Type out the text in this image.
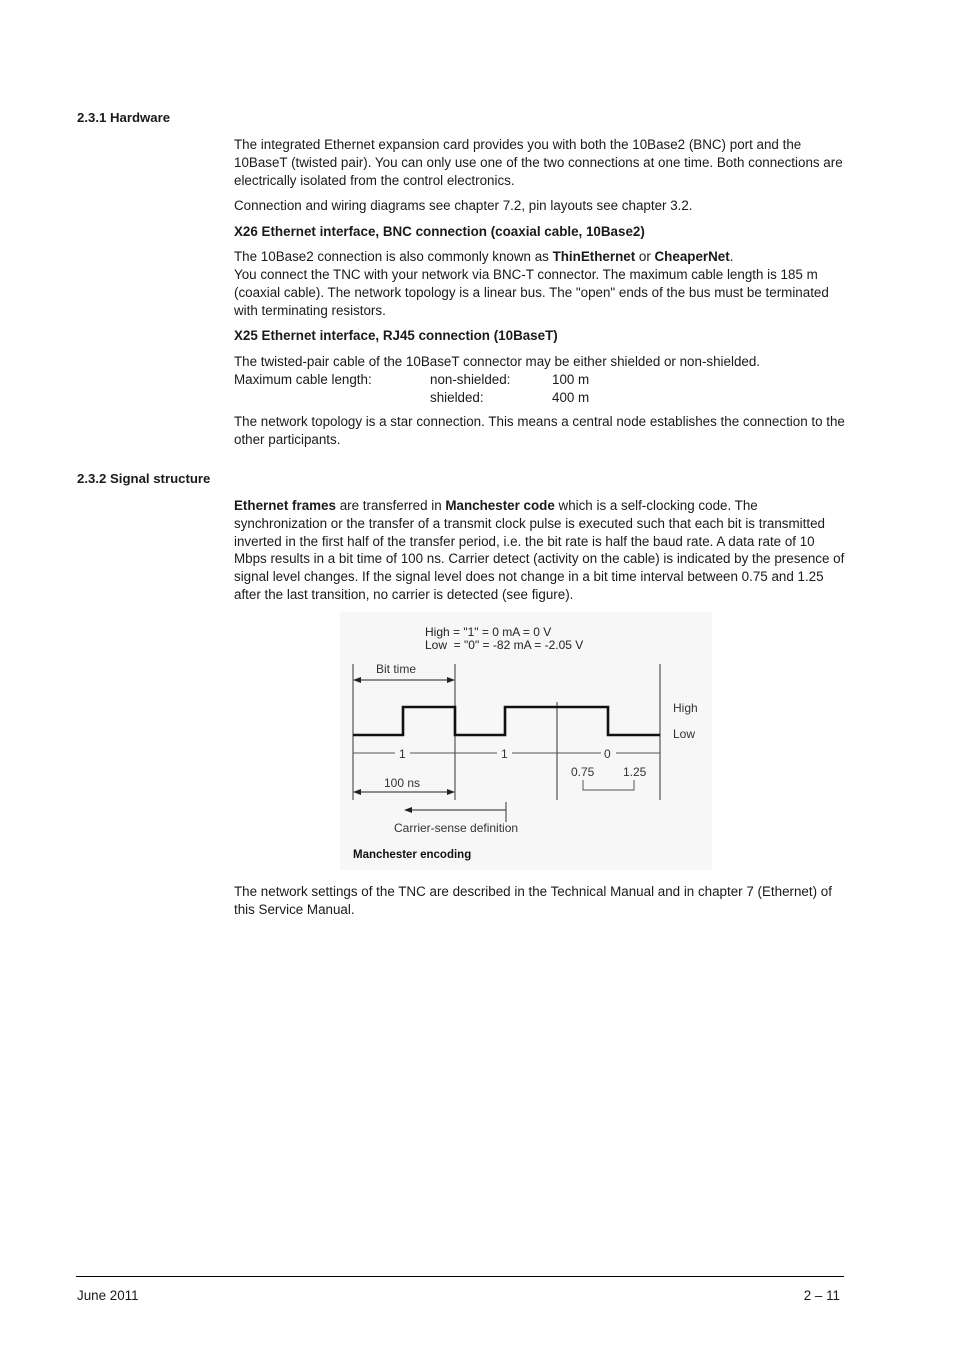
2.3.1 Hardware

The integrated Ethernet expansion card provides you with both the 10Base2 (BNC) port and the 10BaseT (twisted pair). You can only use one of the two connections at one time. Both connections are electrically isolated from the control electronics.

Connection and wiring diagrams see chapter 7.2, pin layouts see chapter 3.2.

X26 Ethernet interface, BNC connection (coaxial cable, 10Base2)

The 10Base2 connection is also commonly known as ThinEthernet or CheaperNet.

You connect the TNC with your network via BNC-T connector. The maximum cable length is 185 m (coaxial cable). The network topology is a linear bus. The "open" ends of the bus must be terminated with terminating resistors.

X25 Ethernet interface, RJ45 connection (10BaseT)

The twisted-pair cable of the 10BaseT connector may be either shielded or non-shielded.

Maximum cable length:	non-shielded:	100 m
	shielded:	400 m

The network topology is a star connection. This means a central node establishes the connection to the other participants.

2.3.2 Signal structure

Ethernet frames are transferred in Manchester code which is a self-clocking code. The synchronization or the transfer of a transmit clock pulse is executed such that each bit is transmitted inverted in the first half of the transfer period, i.e. the bit rate is half the baud rate. A data rate of 10 Mbps results in a bit time of 100 ns. Carrier detect (activity on the cable) is indicated by the presence of signal level changes. If the signal level does not change in a bit time interval between 0.75 and 1.25 after the last transition, no carrier is detected (see figure).

High = "1" = 0 mA = 0 V
Low  = "0" = -82 mA = -2.05 V
Bit time
High
Low
1	1	0
0.75 1.25
100 ns
Carrier-sense definition
Manchester encoding

The network settings of the TNC are described in the Technical Manual and in chapter 7 (Ethernet) of this Service Manual.

June 2011	2 – 11
